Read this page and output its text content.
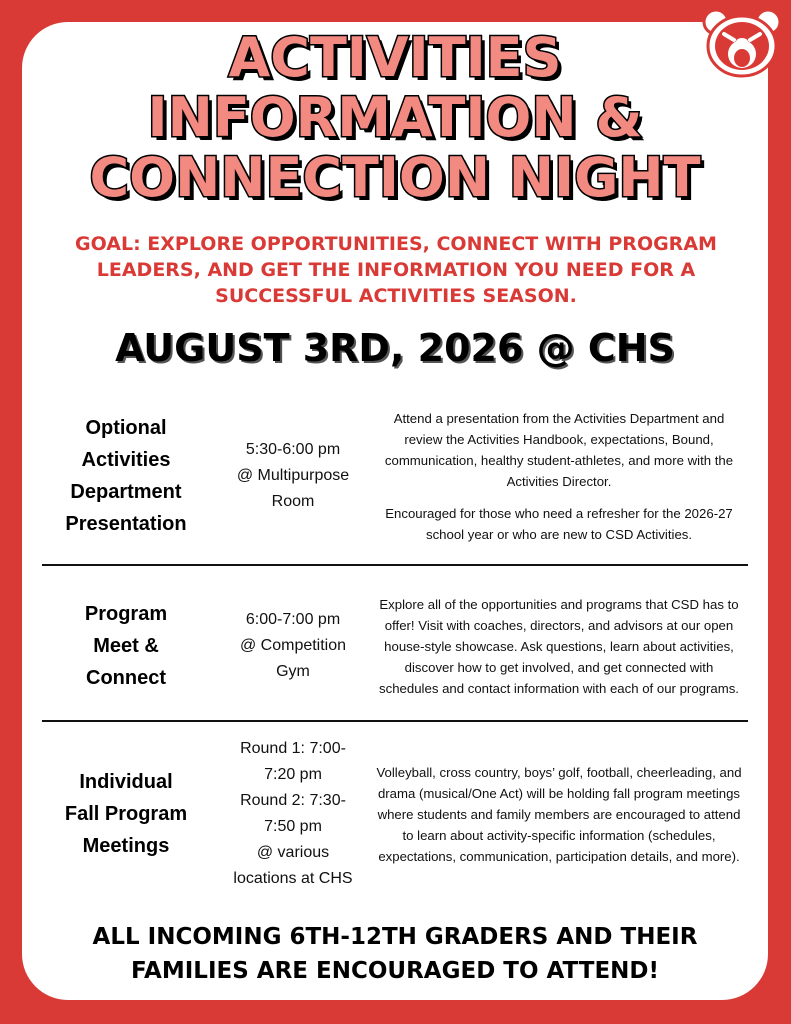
ACTIVITIES
INFORMATION &
CONNECTION NIGHT
GOAL: EXPLORE OPPORTUNITIES, CONNECT WITH PROGRAM LEADERS, AND GET THE INFORMATION YOU NEED FOR A SUCCESSFUL ACTIVITIES SEASON.
AUGUST 3RD, 2026 @ CHS
Optional
Activities
Department
Presentation
5:30-6:00 pm
@ Multipurpose
Room

Attend a presentation from the Activities Department and review the Activities Handbook, expectations, Bound, communication, healthy student-athletes, and more with the Activities Director.

Encouraged for those who need a refresher for the 2026-27 school year or who are new to CSD Activities.

Program
Meet &
Connect
6:00-7:00 pm
@ Competition
Gym

Explore all of the opportunities and programs that CSD has to offer! Visit with coaches, directors, and advisors at our open house-style showcase. Ask questions, learn about activities, discover how to get involved, and get connected with schedules and contact information with each of our programs.

Individual
Fall Program
Meetings
Round 1: 7:00-
7:20 pm
Round 2: 7:30-
7:50 pm
@ various
locations at CHS

Volleyball, cross country, boys’ golf, football, cheerleading, and drama (musical/One Act) will be holding fall program meetings where students and family members are encouraged to attend to learn about activity-specific information (schedules, expectations, communication, participation details, and more).

ALL INCOMING 6TH-12TH GRADERS AND THEIR FAMILIES ARE ENCOURAGED TO ATTEND!
